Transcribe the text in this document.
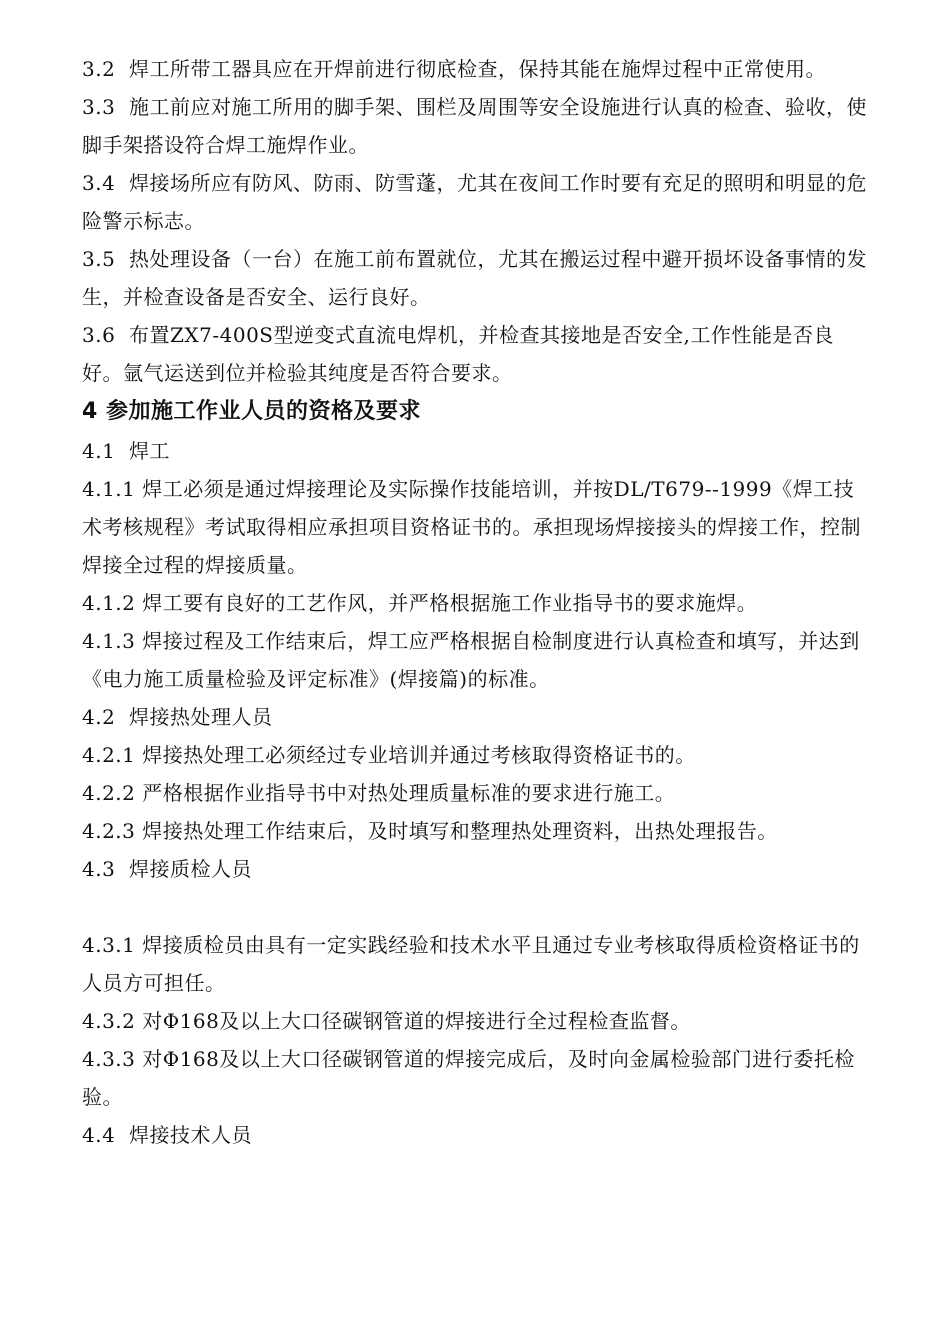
3.2  焊工所带工器具应在开焊前进行彻底检查，保持其能在施焊过程中正常使用。

3.3  施工前应对施工所用的脚手架、围栏及周围等安全设施进行认真的检查、验收，使脚手架搭设符合焊工施焊作业。

3.4  焊接场所应有防风、防雨、防雪蓬，尤其在夜间工作时要有充足的照明和明显的危险警示标志。

3.5  热处理设备（一台）在施工前布置就位，尤其在搬运过程中避开损坏设备事情的发生，并检查设备是否安全、运行良好。

3.6  布置ZX7-400S型逆变式直流电焊机，并检查其接地是否安全,工作性能是否良好。氩气运送到位并检验其纯度是否符合要求。

4 参加施工作业人员的资格及要求

4.1  焊工

4.1.1 焊工必须是通过焊接理论及实际操作技能培训，并按DL/T679--1999《焊工技术考核规程》考试取得相应承担项目资格证书的。承担现场焊接接头的焊接工作，控制焊接全过程的焊接质量。

4.1.2 焊工要有良好的工艺作风，并严格根据施工作业指导书的要求施焊。

4.1.3 焊接过程及工作结束后，焊工应严格根据自检制度进行认真检查和填写，并达到《电力施工质量检验及评定标准》(焊接篇)的标准。

4.2  焊接热处理人员

4.2.1 焊接热处理工必须经过专业培训并通过考核取得资格证书的。

4.2.2 严格根据作业指导书中对热处理质量标准的要求进行施工。

4.2.3 焊接热处理工作结束后，及时填写和整理热处理资料，出热处理报告。

4.3  焊接质检人员

4.3.1 焊接质检员由具有一定实践经验和技术水平且通过专业考核取得质检资格证书的人员方可担任。

4.3.2 对Φ168及以上大口径碳钢管道的焊接进行全过程检查监督。

4.3.3 对Φ168及以上大口径碳钢管道的焊接完成后，及时向金属检验部门进行委托检验。

4.4  焊接技术人员
